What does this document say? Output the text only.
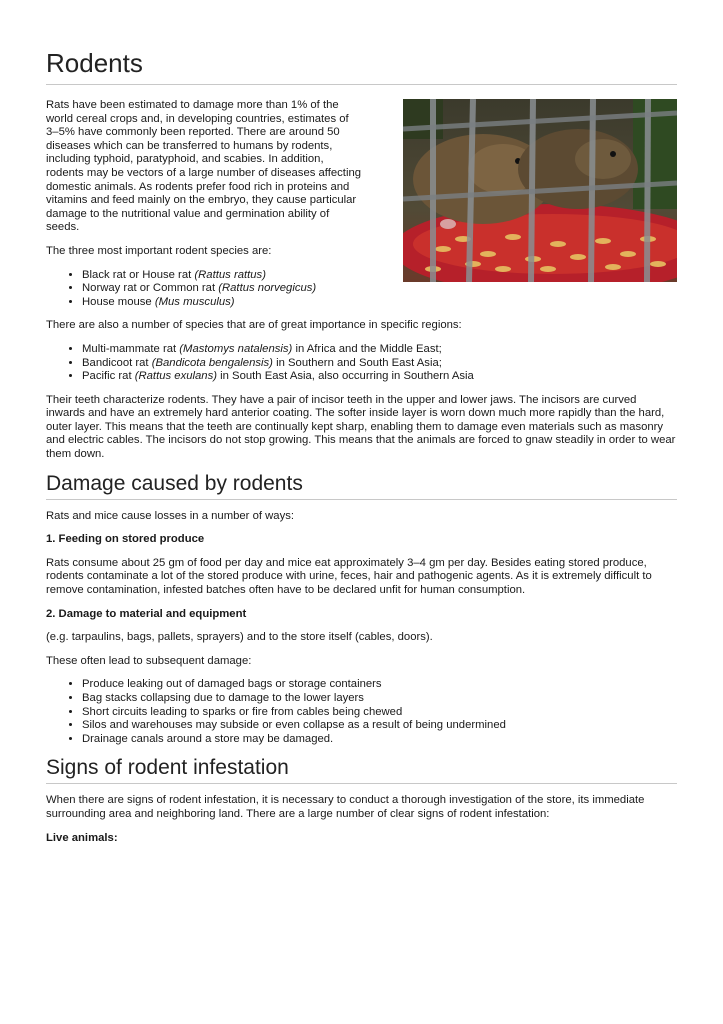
Rodents

Rats have been estimated to damage more than 1% of the world cereal crops and, in developing countries, estimates of 3–5% have commonly been reported. There are around 50 diseases which can be transferred to humans by rodents, including typhoid, paratyphoid, and scabies. In addition, rodents may be vectors of a large number of diseases affecting domestic animals. As rodents prefer food rich in proteins and vitamins and feed mainly on the embryo, they cause particular damage to the nutritional value and germination ability of seeds.

The three most important rodent species are:

• Black rat or House rat (Rattus rattus)
• Norway rat or Common rat (Rattus norvegicus)
• House mouse (Mus musculus)

There are also a number of species that are of great importance in specific regions:

• Multi-mammate rat (Mastomys natalensis) in Africa and the Middle East;
• Bandicoot rat (Bandicota bengalensis) in Southern and South East Asia;
• Pacific rat (Rattus exulans) in South East Asia, also occurring in Southern Asia

Their teeth characterize rodents. They have a pair of incisor teeth in the upper and lower jaws. The incisors are curved inwards and have an extremely hard anterior coating. The softer inside layer is worn down much more rapidly than the hard, outer layer. This means that the teeth are continually kept sharp, enabling them to damage even materials such as masonry and electric cables. The incisors do not stop growing. This means that the animals are forced to gnaw steadily in order to wear them down.

Damage caused by rodents

Rats and mice cause losses in a number of ways:

1. Feeding on stored produce

Rats consume about 25 gm of food per day and mice eat approximately 3–4 gm per day. Besides eating stored produce, rodents contaminate a lot of the stored produce with urine, feces, hair and pathogenic agents. As it is extremely difficult to remove contamination, infested batches often have to be declared unfit for human consumption.

2. Damage to material and equipment

(e.g. tarpaulins, bags, pallets, sprayers) and to the store itself (cables, doors).

These often lead to subsequent damage:

• Produce leaking out of damaged bags or storage containers
• Bag stacks collapsing due to damage to the lower layers
• Short circuits leading to sparks or fire from cables being chewed
• Silos and warehouses may subside or even collapse as a result of being undermined
• Drainage canals around a store may be damaged.
Signs of rodent infestation

When there are signs of rodent infestation, it is necessary to conduct a thorough investigation of the store, its immediate surrounding area and neighboring land. There are a large number of clear signs of rodent infestation:

Live animals:
